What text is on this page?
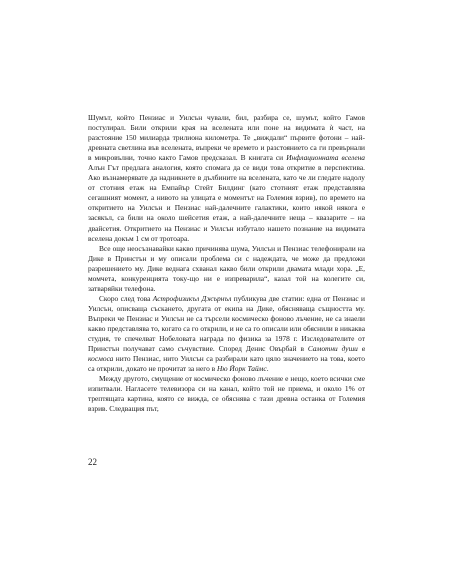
Шумът, който Пензиас и Уилсън чували, бил, разбира се, шумът, който Гамов постулирал. Били открили края на вселената или поне на видимата ѝ част, на разстояние 150 милиарда трилиона километра. Те „виждали“ първите фотони – най-древната светлина във вселената, въпреки че времето и разстоянието са ги превърнали в микровълни, точно както Гамов предсказал. В книгата си Инфлационната вселена Алън Гът предлага аналогия, която спомага да се види това откритие в перспектива. Ако възнамерявате да надникнете в дълбините на вселената, като че ли гледате надолу от стотния етаж на Емпайър Стейт Билдинг (като стотният етаж представлява сегашният момент, а нивото на улицата е моментът на Големия взрив), по времето на откритието на Уилсън и Пензиас най-далечните галактики, които някой някога е засякъл, са били на около шейсетия етаж, а най-далечните неща – квазарите – на двайсетия. Откритието на Пензиас и Уилсън избутало нашето познание на видимата вселена докъм 1 см от тротоара.

Все още неосъзнавайки какво причинява шума, Уилсън и Пензиас телефонирали на Дике в Принстън и му описали проблема си с надеждата, че може да предложи разрешението му. Дике веднага схванал какво били открили двамата млади хора. „Е, момчета, конкуренцията току-що ни е изпреварила“, казал той на колегите си, затваряйки телефона.

Скоро след това Астрофизикъл Джърнъл публикува две статии: една от Пензиас и Уилсън, описваща съскането, другата от екипа на Дике, обясняваща същността му. Въпреки че Пензиас и Уилсън не са търсели космическо фоново лъчение, не са знаели какво представлява то, когато са го открили, и не са го описали или обяснили в никаква студия, те спечелват Нобеловата награда по физика за 1978 г. Изследователите от Принстън получават само съчувствие. Според Денис Овърбай в Самотни души в космоса нито Пензиас, нито Уилсън са разбирали като цяло значението на това, което са открили, докато не прочитат за него в Ню Йорк Таймс.

Между другото, смущение от космическо фоново лъчение е нещо, което всички сме изпитвали. Нагласете телевизора си на канал, който той не приема, и около 1% от трептящата картина, която се вижда, се обяснява с тази древна останка от Големия взрив. Следващия път,

22
